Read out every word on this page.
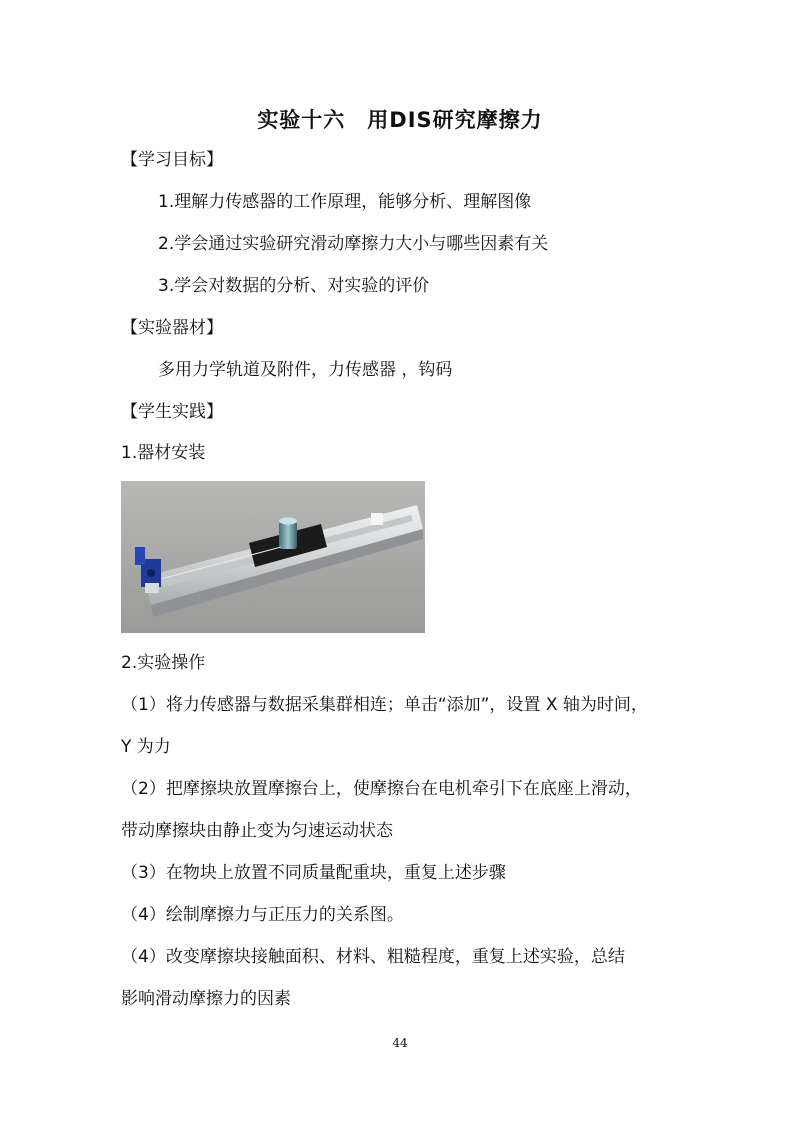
实验十六　用DIS研究摩擦力
【学习目标】
1.理解力传感器的工作原理，能够分析、理解图像
2.学会通过实验研究滑动摩擦力大小与哪些因素有关
3.学会对数据的分析、对实验的评价
【实验器材】
多用力学轨道及附件，力传感器 ，钩码
【学生实践】
1.器材安装
2.实验操作
（1）将力传感器与数据采集群相连；单击“添加”，设置 X 轴为时间，
Y 为力
（2）把摩擦块放置摩擦台上，使摩擦台在电机牵引下在底座上滑动，
带动摩擦块由静止变为匀速运动状态
（3）在物块上放置不同质量配重块，重复上述步骤
（4）绘制摩擦力与正压力的关系图。
（4）改变摩擦块接触面积、材料、粗糙程度，重复上述实验，总结
影响滑动摩擦力的因素
44
